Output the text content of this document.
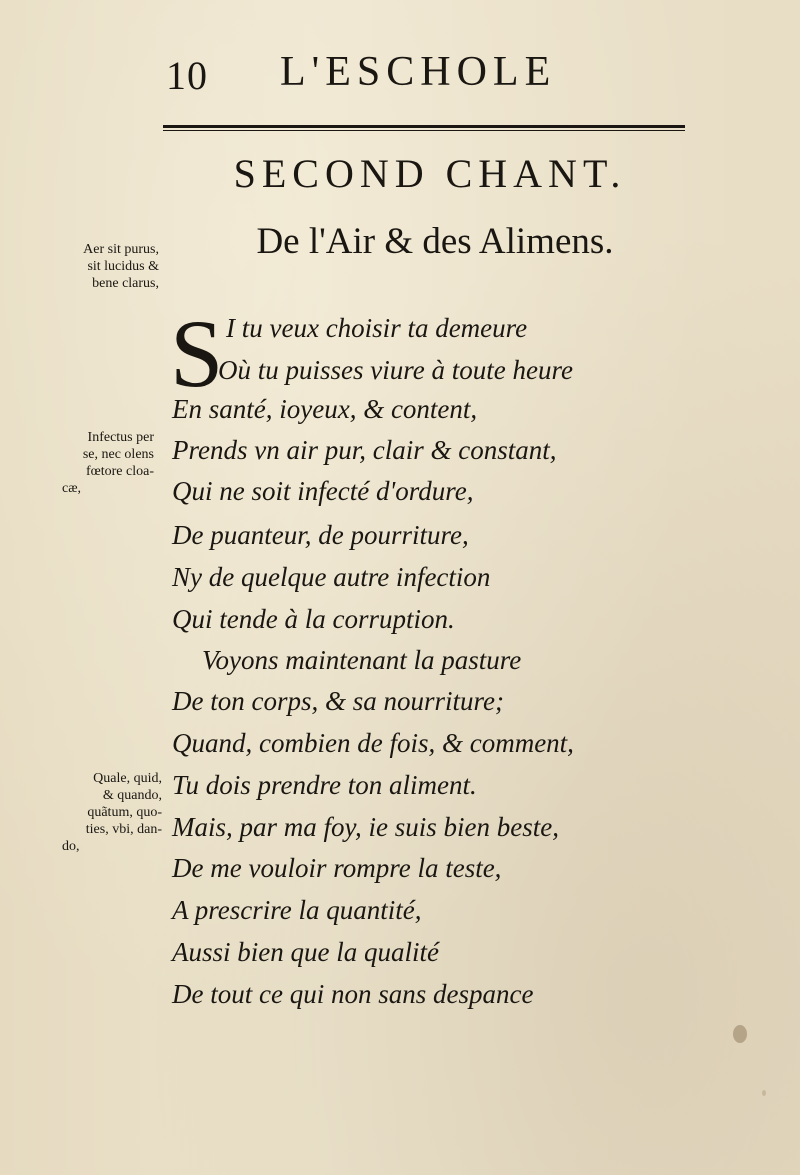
10 L'ESCHOLE
SECOND CHANT.
De l'Air & des Alimens.
Aer sit purus,
sit lucidus &
bene clarus,
Infectus per
se, nec olens
fœtore cloa-
cæ,
Quale, quid,
& quando,
quãtum, quo-
ties, vbi, dan-
do,
S I tu veux choisir ta demeure
Où tu puisses viure à toute heure
En santé, ioyeux, & content,
Prends vn air pur, clair & constant,
Qui ne soit infecté d'ordure,
De puanteur, de pourriture,
Ny de quelque autre infection
Qui tende à la corruption.
Voyons maintenant la pasture
De ton corps, & sa nourriture;
Quand, combien de fois, & comment,
Tu dois prendre ton aliment.
Mais, par ma foy, ie suis bien beste,
De me vouloir rompre la teste,
A prescrire la quantité,
Aussi bien que la qualité
De tout ce qui non sans despance
